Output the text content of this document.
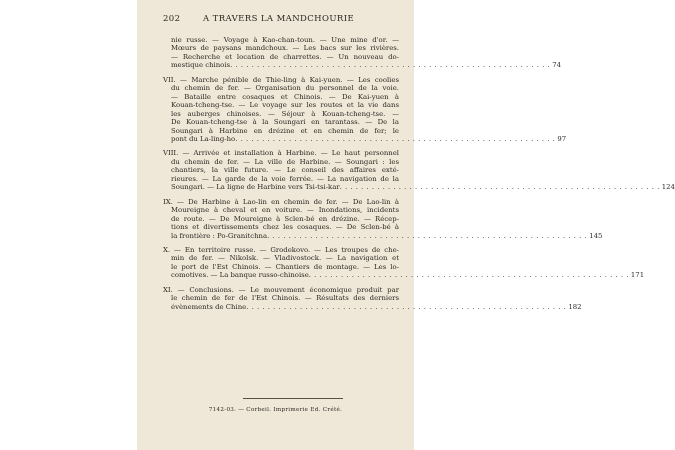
202	A TRAVERS LA MANDCHOURIE
nie russe. — Voyage à Kao-chan-toun. — Une mine d'or. —
Mœurs de paysans mandchoux. — Les bacs sur les rivières.
— Recherche et location de charrettes. — Un nouveau do-
mestique chinois . . .	74
VII. — Marche pénible de Thie-ling à Kai-yuen. — Les coolies
du chemin de fer. — Organisation du personnel de la voie.
— Bataille entre cosaques et Chinois. — De Kai-yuen à
Kouan-tcheng-tse. — Le voyage sur les routes et la vie dans
les auberges chinoises. — Séjour à Kouan-tcheng-tse. —
De Kouan-tcheng-tse à la Soungari en tarantass. — De la
Soungari à Harbine en drézine et en chemin de fer; le
pont du La-ling-ho . . .	97
VIII. — Arrivée et installation à Harbine. — Le haut personnel
du chemin de fer. — La ville de Harbine. — Soungari : les
chantiers, la ville future. — Le conseil des affaires exté-
rieures. — La garde de la voie ferrée. — La navigation de la
Soungari. — La ligne de Harbine vers Tsi-tsi-kar . . .	124
IX. — De Harbine à Lao-lin en chemin de fer. — De Lao-lin à
Moureigne à cheval et en voiture. — Inondations, incidents
de route. — De Moureigne à Sclen-bé en drézine. — Récep-
tions et divertissements chez les cosaques. — De Sclen-bé à
la frontière : Po-Granitchna . . .	145
X. — En territoire russe. — Grodekovo. — Les troupes de che-
min de fer. — Nikolsk. — Vladivostock. — La navigation et
le port de l'Est Chinois. — Chantiers de montage. — Les lo-
comotives. — La banque russo-chinoise . . .	171
XI. — Conclusions. — Le mouvement économique produit par
le chemin de fer de l'Est Chinois. — Résultats des derniers
évènements de Chine . . .	182
7142-03. — Corbeil. Imprimerie Ed. Crété.
